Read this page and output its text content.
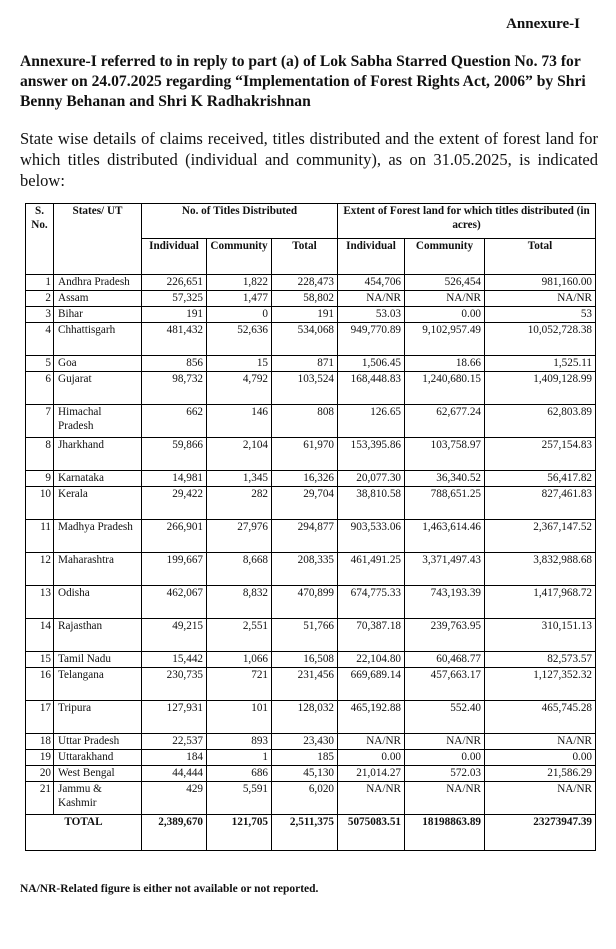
Annexure-I
Annexure-I referred to in reply to part (a) of Lok Sabha Starred Question No. 73 for answer on 24.07.2025 regarding “Implementation of Forest Rights Act, 2006” by Shri Benny Behanan and Shri K Radhakrishnan
State wise details of claims received, titles distributed and the extent of forest land for which titles distributed (individual and community), as on 31.05.2025, is indicated below:
S. No.	States/ UT	No. of Titles Distributed			Extent of Forest land for which titles distributed (in acres)		
		Individual	Community	Total	Individual	Community	Total
1	Andhra Pradesh	226,651	1,822	228,473	454,706	526,454	981,160.00
2	Assam	57,325	1,477	58,802	NA/NR	NA/NR	NA/NR
3	Bihar	191	0	191	53.03	0.00	53
4	Chhattisgarh	481,432	52,636	534,068	949,770.89	9,102,957.49	10,052,728.38
5	Goa	856	15	871	1,506.45	18.66	1,525.11
6	Gujarat	98,732	4,792	103,524	168,448.83	1,240,680.15	1,409,128.99
7	Himachal Pradesh	662	146	808	126.65	62,677.24	62,803.89
8	Jharkhand	59,866	2,104	61,970	153,395.86	103,758.97	257,154.83
9	Karnataka	14,981	1,345	16,326	20,077.30	36,340.52	56,417.82
10	Kerala	29,422	282	29,704	38,810.58	788,651.25	827,461.83
11	Madhya Pradesh	266,901	27,976	294,877	903,533.06	1,463,614.46	2,367,147.52
12	Maharashtra	199,667	8,668	208,335	461,491.25	3,371,497.43	3,832,988.68
13	Odisha	462,067	8,832	470,899	674,775.33	743,193.39	1,417,968.72
14	Rajasthan	49,215	2,551	51,766	70,387.18	239,763.95	310,151.13
15	Tamil Nadu	15,442	1,066	16,508	22,104.80	60,468.77	82,573.57
16	Telangana	230,735	721	231,456	669,689.14	457,663.17	1,127,352.32
17	Tripura	127,931	101	128,032	465,192.88	552.40	465,745.28
18	Uttar Pradesh	22,537	893	23,430	NA/NR	NA/NR	NA/NR
19	Uttarakhand	184	1	185	0.00	0.00	0.00
20	West Bengal	44,444	686	45,130	21,014.27	572.03	21,586.29
21	Jammu & Kashmir	429	5,591	6,020	NA/NR	NA/NR	NA/NR
TOTAL		2,389,670	121,705	2,511,375	5075083.51	18198863.89	23273947.39
NA/NR-Related figure is either not available or not reported.
